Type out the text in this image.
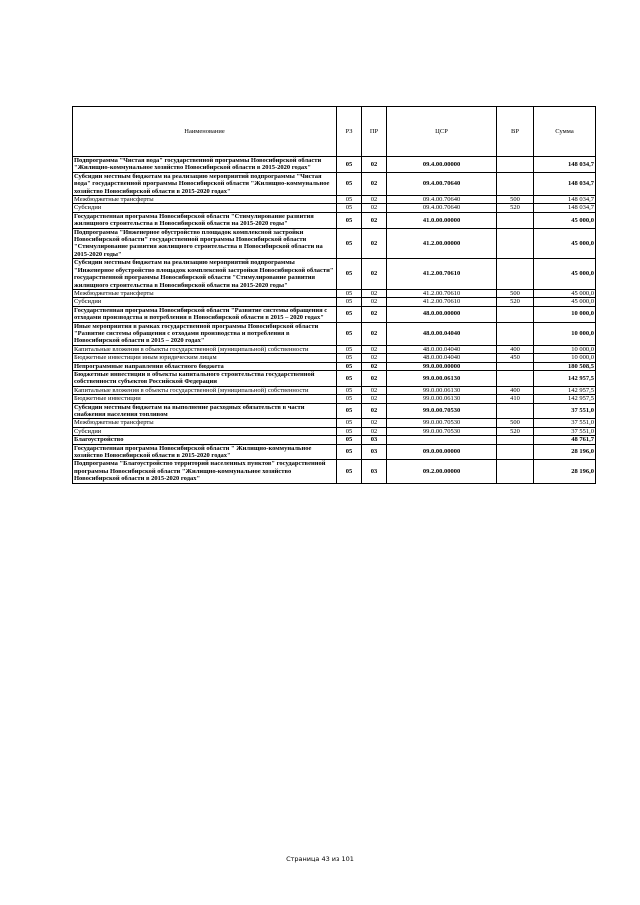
Наименование	РЗ	ПР	ЦСР	ВР	Сумма
Подпрограмма "Чистая вода" государственной программы Новосибирской области "Жилищно-коммунальное хозяйство Новосибирской области в 2015-2020 годах"	05	02	09.4.00.00000		148 034,7
Субсидии местным бюджетам на реализацию мероприятий подпрограммы "Чистая вода" государственной программы Новосибирской области "Жилищно-коммунальное хозяйство Новосибирской области в 2015-2020 годах"	05	02	09.4.00.70640		148 034,7
Межбюджетные трансферты	05	02	09.4.00.70640	500	148 034,7
Субсидии	05	02	09.4.00.70640	520	148 034,7
Государственная программа Новосибирской области "Стимулирование развития жилищного строительства в Новосибирской области на 2015-2020 годы"	05	02	41.0.00.00000		45 000,0
Подпрограмма "Инженерное обустройство площадок комплексной застройки Новосибирской области" государственной программы Новосибирской области "Стимулирование развития жилищного строительства в Новосибирской области на 2015-2020 годы"	05	02	41.2.00.00000		45 000,0
Субсидии местным бюджетам на реализацию мероприятий подпрограммы "Инженерное обустройство площадок комплексной застройки Новосибирской области" государственной программы Новосибирской области "Стимулирование развития жилищного строительства в Новосибирской области на 2015-2020 годы"	05	02	41.2.00.70610		45 000,0
Межбюджетные трансферты	05	02	41.2.00.70610	500	45 000,0
Субсидии	05	02	41.2.00.70610	520	45 000,0
Государственная программа Новосибирской области "Развитие системы обращения с отходами производства и потребления в Новосибирской области в 2015 – 2020 годах"	05	02	48.0.00.00000		10 000,0
Иные мероприятия в рамках государственной программы Новосибирской области "Развитие системы обращения с отходами производства и потребления в Новосибирской области в 2015 – 2020 годах"	05	02	48.0.00.04040		10 000,0
Капитальные вложения в объекты государственной (муниципальной) собственности	05	02	48.0.00.04040	400	10 000,0
Бюджетные инвестиции иным юридическим лицам	05	02	48.0.00.04040	450	10 000,0
Непрограммные направления областного бюджета	05	02	99.0.00.00000		180 508,5
Бюджетные инвестиции в объекты капитального строительства государственной собственности субъектов Российской Федерации	05	02	99.0.00.06130		142 957,5
Капитальные вложения в объекты государственной (муниципальной) собственности	05	02	99.0.00.06130	400	142 957,5
Бюджетные инвестиции	05	02	99.0.00.06130	410	142 957,5
Субсидии местным бюджетам на выполнение расходных обязательств в части снабжения населения топливом	05	02	99.0.00.70530		37 551,0
Межбюджетные трансферты	05	02	99.0.00.70530	500	37 551,0
Субсидии	05	02	99.0.00.70530	520	37 551,0
Благоустройство	05	03			48 761,7
Государственная программа Новосибирской области " Жилищно-коммунальное хозяйство Новосибирской области в 2015-2020 годах"	05	03	09.0.00.00000		28 196,0
Подпрограмма "Благоустройство территорий населенных пунктов" государственной программы Новосибирской области "Жилищно-коммунальное хозяйство Новосибирской области в 2015-2020 годах"	05	03	09.2.00.00000		28 196,0
Страница 43 из 101
